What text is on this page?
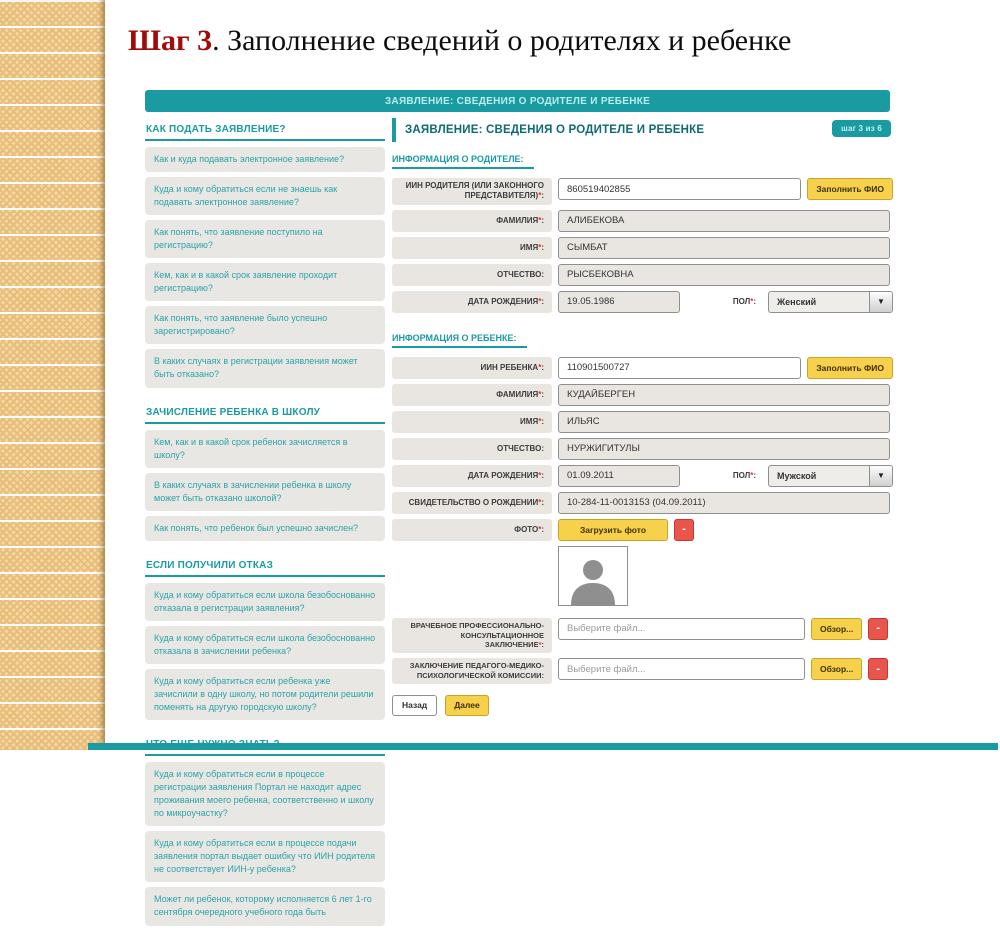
Шаг 3. Заполнение сведений о родителях и ребенке
ЗАЯВЛЕНИЕ: СВЕДЕНИЯ О РОДИТЕЛЕ И РЕБЕНКЕ
КАК ПОДАТЬ ЗАЯВЛЕНИЕ?
Как и куда подавать электронное заявление?
Куда и кому обратиться если не знаешь как подавать электронное заявление?
Как понять, что заявление поступило на регистрацию?
Кем, как и в какой срок заявление проходит регистрацию?
Как понять, что заявление было успешно зарегистрировано?
В каких случаях в регистрации заявления может быть отказано?
ЗАЧИСЛЕНИЕ РЕБЕНКА В ШКОЛУ
Кем, как и в какой срок ребенок зачисляется в школу?
В каких случаях в зачислении ребенка в школу может быть отказано школой?
Как понять, что ребенок был успешно зачислен?
ЕСЛИ ПОЛУЧИЛИ ОТКАЗ
Куда и кому обратиться если школа безобоснованно отказала в регистрации заявления?
Куда и кому обратиться если школа безобоснованно отказала в зачислении ребенка?
Куда и кому обратиться если ребенка уже зачислили в одну школу, но потом родители решили поменять на другую городскую школу?
ЧТО ЕЩЕ НУЖНО ЗНАТЬ?
Куда и кому обратиться если в процессе регистрации заявления Портал не находит адрес проживания моего ребенка, соответственно и школу по микроучастку?
Куда и кому обратиться если в процессе подачи заявления портал выдает ошибку что ИИН родителя не соответствует ИИН-у ребенка?
Может ли ребенок, которому исполняется 6 лет 1-го сентября очередного учебного года быть
ЗАЯВЛЕНИЕ: СВЕДЕНИЯ О РОДИТЕЛЕ И РЕБЕНКЕ	шаг 3 из 6
ИНФОРМАЦИЯ О РОДИТЕЛЕ:
ИИН РОДИТЕЛЯ (ИЛИ ЗАКОННОГО ПРЕДСТАВИТЕЛЯ)*:
860519402855
Заполнить ФИО
ФАМИЛИЯ*:
АЛИБЕКОВА
ИМЯ*:
СЫМБАТ
ОТЧЕСТВО:
РЫСБЕКОВНА
ДАТА РОЖДЕНИЯ*:
19.05.1986	ПОЛ*: Женский	▼
ИНФОРМАЦИЯ О РЕБЕНКЕ:
ИИН РЕБЕНКА*:
110901500727	Заполнить ФИО
ФАМИЛИЯ*:
КУДАЙБЕРГЕН
ИМЯ*:
ИЛЬЯС
ОТЧЕСТВО:
НУРЖИГИТУЛЫ
ДАТА РОЖДЕНИЯ*:
01.09.2011	ПОЛ*: Мужской	▼
СВИДЕТЕЛЬСТВО О РОЖДЕНИИ*:
10-284-11-0013153 (04.09.2011)
ФОТО*:	Загрузить фото	-
ВРАЧЕБНОЕ ПРОФЕССИОНАЛЬНО-КОНСУЛЬТАЦИОННОЕ ЗАКЛЮЧЕНИЕ*:
Выберите файл...
Обзор...	-
ЗАКЛЮЧЕНИЕ ПЕДАГОГО-МЕДИКО-ПСИХОЛОГИЧЕСКОЙ КОМИССИИ:
Выберите файл...
Обзор...	-
Назад	Далее
